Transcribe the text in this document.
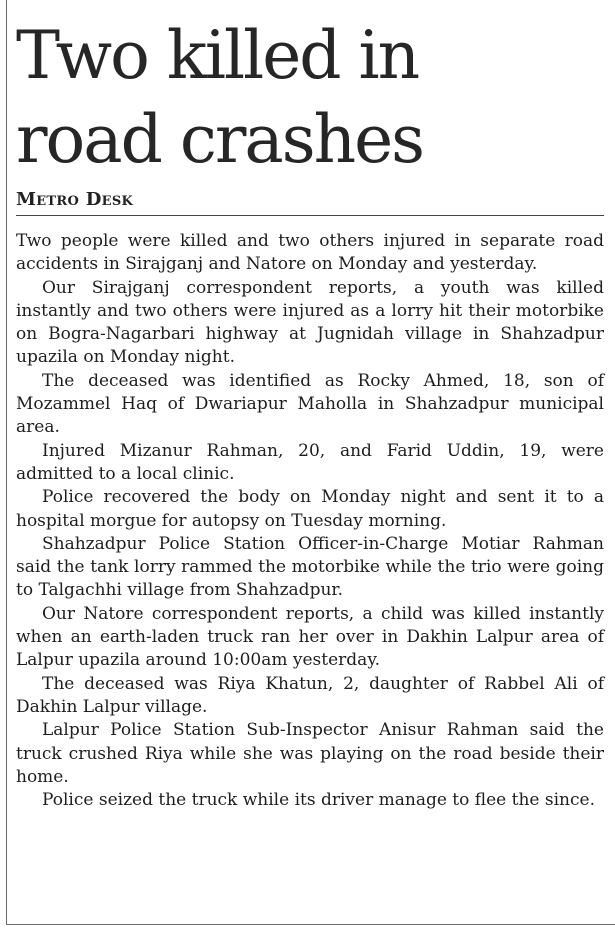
Two killed in
road crashes
Metro Desk

Two people were killed and two others injured in separate road accidents in Sirajganj and Natore on Monday and yesterday.

Our Sirajganj correspondent reports, a youth was killed instantly and two others were injured as a lorry hit their motorbike on Bogra-Nagarbari highway at Jugnidah village in Shahzadpur upazila on Monday night.

The deceased was identified as Rocky Ahmed, 18, son of Mozammel Haq of Dwariapur Maholla in Shahzadpur municipal area.

Injured Mizanur Rahman, 20, and Farid Uddin, 19, were admitted to a local clinic.

Police recovered the body on Monday night and sent it to a hospital morgue for autopsy on Tuesday morning.

Shahzadpur Police Station Officer-in-Charge Motiar Rahman said the tank lorry rammed the motorbike while the trio were going to Talgachhi village from Shahzadpur.

Our Natore correspondent reports, a child was killed instantly when an earth-laden truck ran her over in Dakhin Lalpur area of Lalpur upazila around 10:00am yesterday.

The deceased was Riya Khatun, 2, daughter of Rabbel Ali of Dakhin Lalpur village.

Lalpur Police Station Sub-Inspector Anisur Rahman said the truck crushed Riya while she was playing on the road beside their home.

Police seized the truck while its driver manage to flee the since.
